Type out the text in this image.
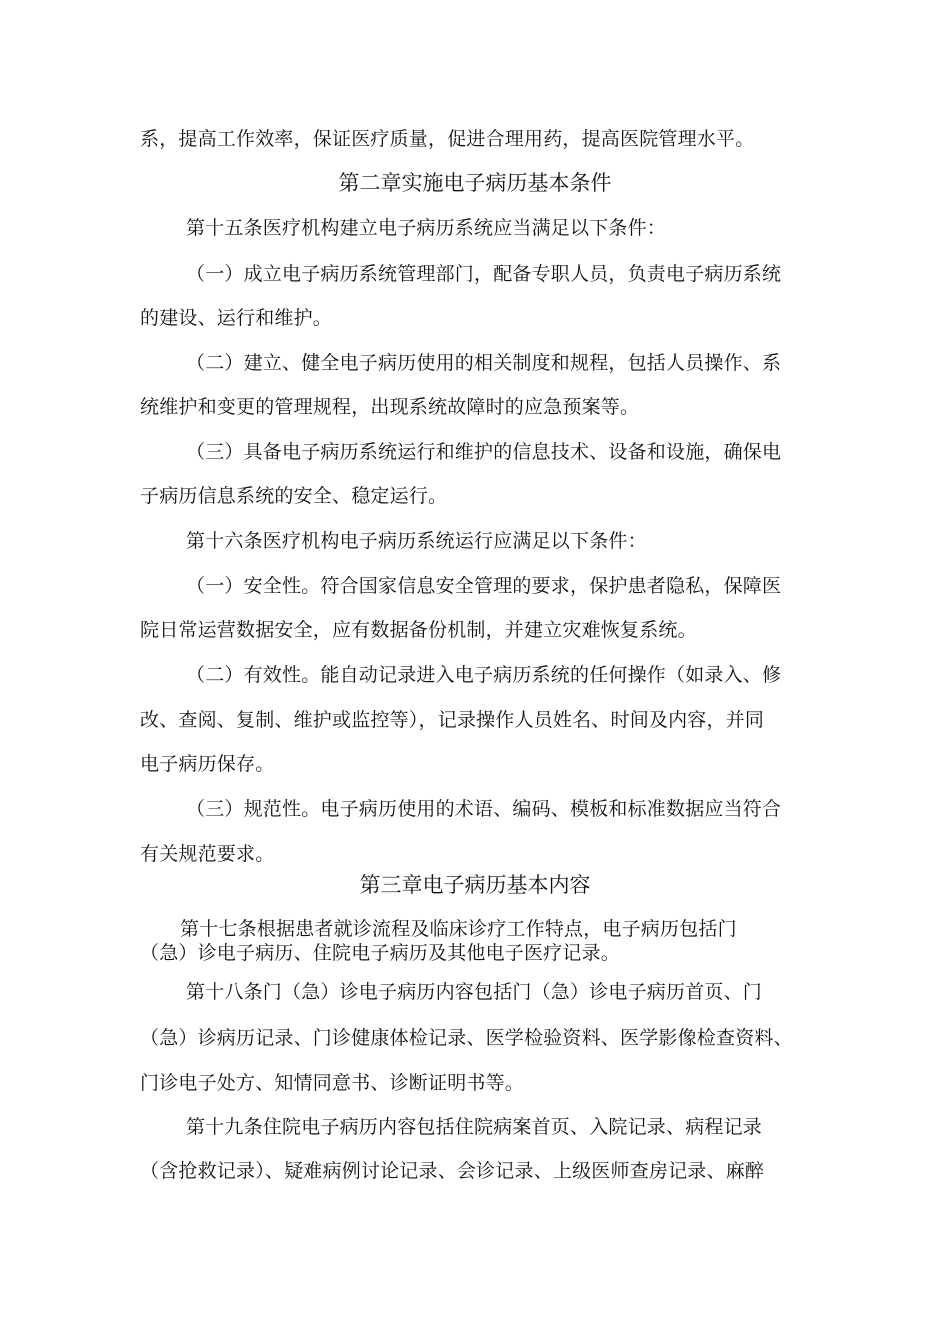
系，提高工作效率，保证医疗质量，促进合理用药，提高医院管理水平。
第二章实施电子病历基本条件
第十五条医疗机构建立电子病历系统应当满足以下条件：
（一）成立电子病历系统管理部门，配备专职人员，负责电子病历系统
的建设、运行和维护。
（二）建立、健全电子病历使用的相关制度和规程，包括人员操作、系
统维护和变更的管理规程，出现系统故障时的应急预案等。
（三）具备电子病历系统运行和维护的信息技术、设备和设施，确保电
子病历信息系统的安全、稳定运行。
第十六条医疗机构电子病历系统运行应满足以下条件：
（一）安全性。符合国家信息安全管理的要求，保护患者隐私，保障医
院日常运营数据安全，应有数据备份机制，并建立灾难恢复系统。
（二）有效性。能自动记录进入电子病历系统的任何操作（如录入、修
改、查阅、复制、维护或监控等），记录操作人员姓名、时间及内容，并同
电子病历保存。
（三）规范性。电子病历使用的术语、编码、模板和标准数据应当符合
有关规范要求。
第三章电子病历基本内容
第十七条根据患者就诊流程及临床诊疗工作特点，电子病历包括门
（急）诊电子病历、住院电子病历及其他电子医疗记录。
第十八条门（急）诊电子病历内容包括门（急）诊电子病历首页、门
（急）诊病历记录、门诊健康体检记录、医学检验资料、医学影像检查资料、
门诊电子处方、知情同意书、诊断证明书等。
第十九条住院电子病历内容包括住院病案首页、入院记录、病程记录
（含抢救记录）、疑难病例讨论记录、会诊记录、上级医师查房记录、麻醉
